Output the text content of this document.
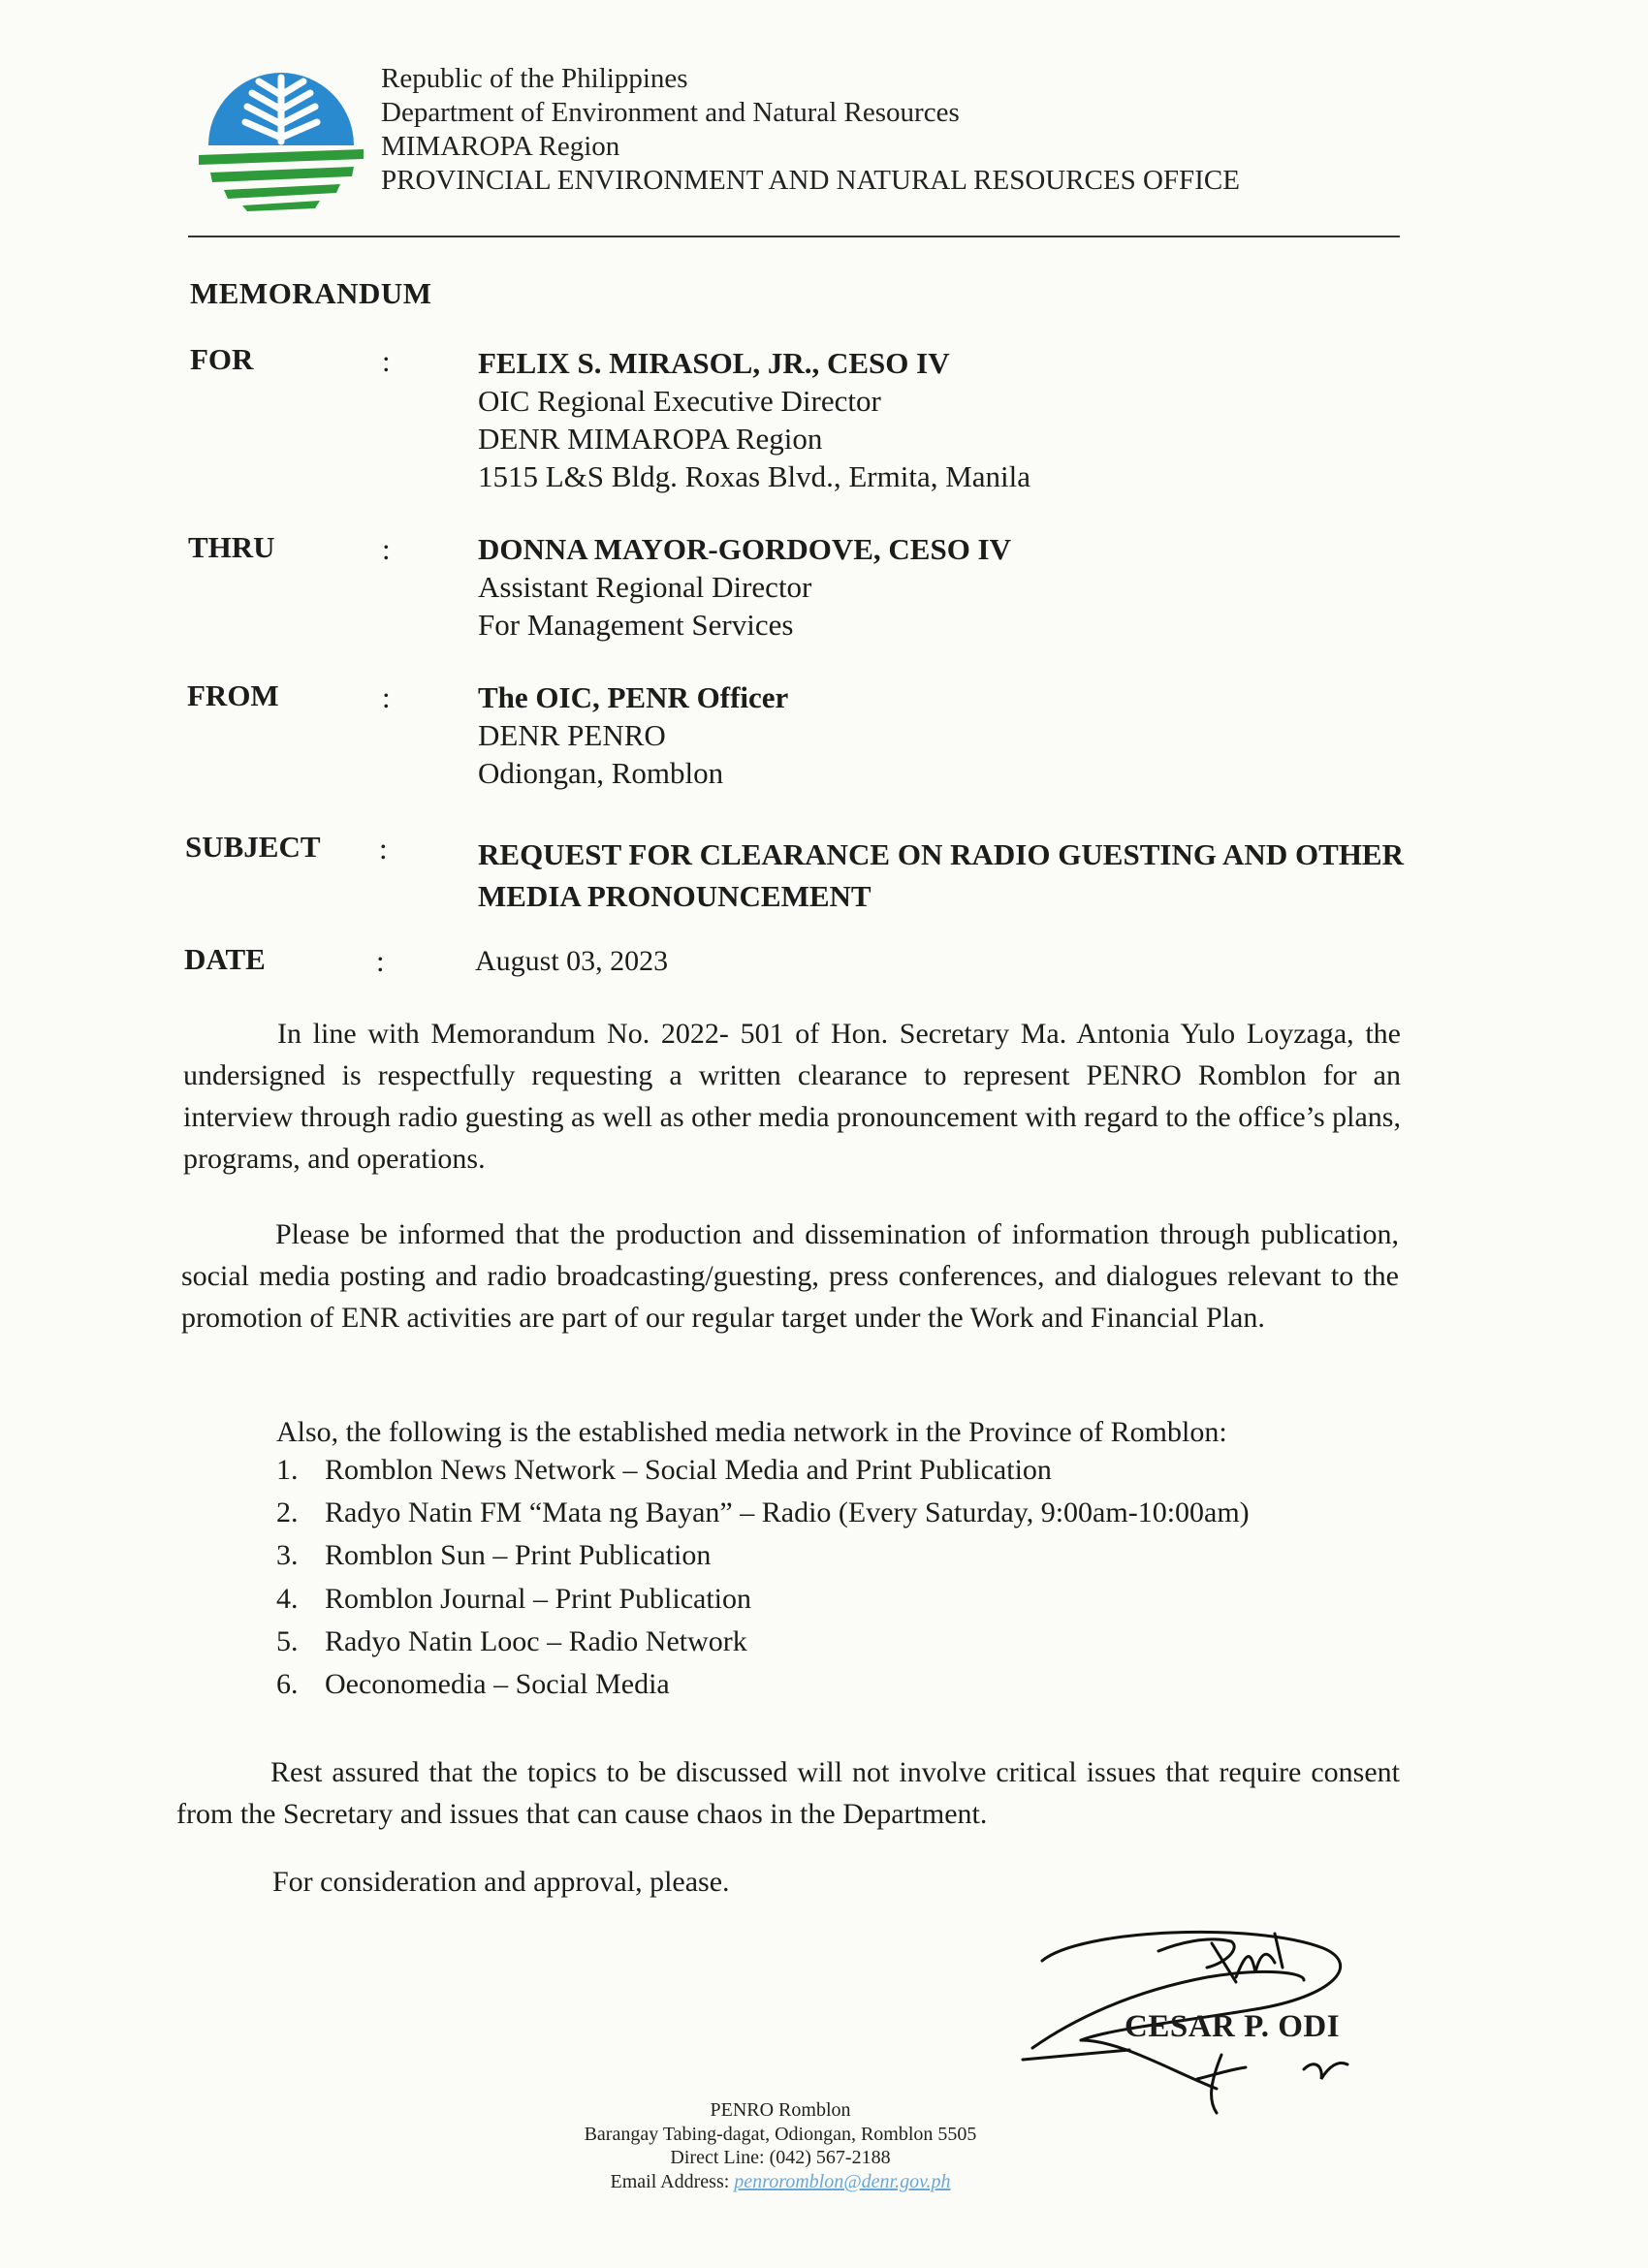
Republic of the Philippines
Department of Environment and Natural Resources
MIMAROPA Region
PROVINCIAL ENVIRONMENT AND NATURAL RESOURCES OFFICE
MEMORANDUM
FOR	:	FELIX S. MIRASOL, JR., CESO IV
OIC Regional Executive Director
DENR MIMAROPA Region
1515 L&S Bldg. Roxas Blvd., Ermita, Manila
THRU	:	DONNA MAYOR-GORDOVE, CESO IV
Assistant Regional Director
For Management Services
FROM	:	The OIC, PENR Officer
DENR PENRO
Odiongan, Romblon
SUBJECT :	REQUEST FOR CLEARANCE ON RADIO GUESTING AND OTHER MEDIA PRONOUNCEMENT
DATE	:	August 03, 2023
In line with Memorandum No. 2022- 501 of Hon. Secretary Ma. Antonia Yulo Loyzaga, the undersigned is respectfully requesting a written clearance to represent PENRO Romblon for an interview through radio guesting as well as other media pronouncement with regard to the office’s plans, programs, and operations.
Please be informed that the production and dissemination of information through publication, social media posting and radio broadcasting/guesting, press conferences, and dialogues relevant to the promotion of ENR activities are part of our regular target under the Work and Financial Plan.
Also, the following is the established media network in the Province of Romblon:
1. Romblon News Network – Social Media and Print Publication
2. Radyo Natin FM “Mata ng Bayan” – Radio (Every Saturday, 9:00am-10:00am)
3. Romblon Sun – Print Publication
4. Romblon Journal – Print Publication
5. Radyo Natin Looc – Radio Network
6. Oeconomedia – Social Media
Rest assured that the topics to be discussed will not involve critical issues that require consent from the Secretary and issues that can cause chaos in the Department.
For consideration and approval, please.
CESAR P. ODI
PENRO Romblon
Barangay Tabing-dagat, Odiongan, Romblon 5505
Direct Line: (042) 567-2188
Email Address: penroromblon@denr.gov.ph
